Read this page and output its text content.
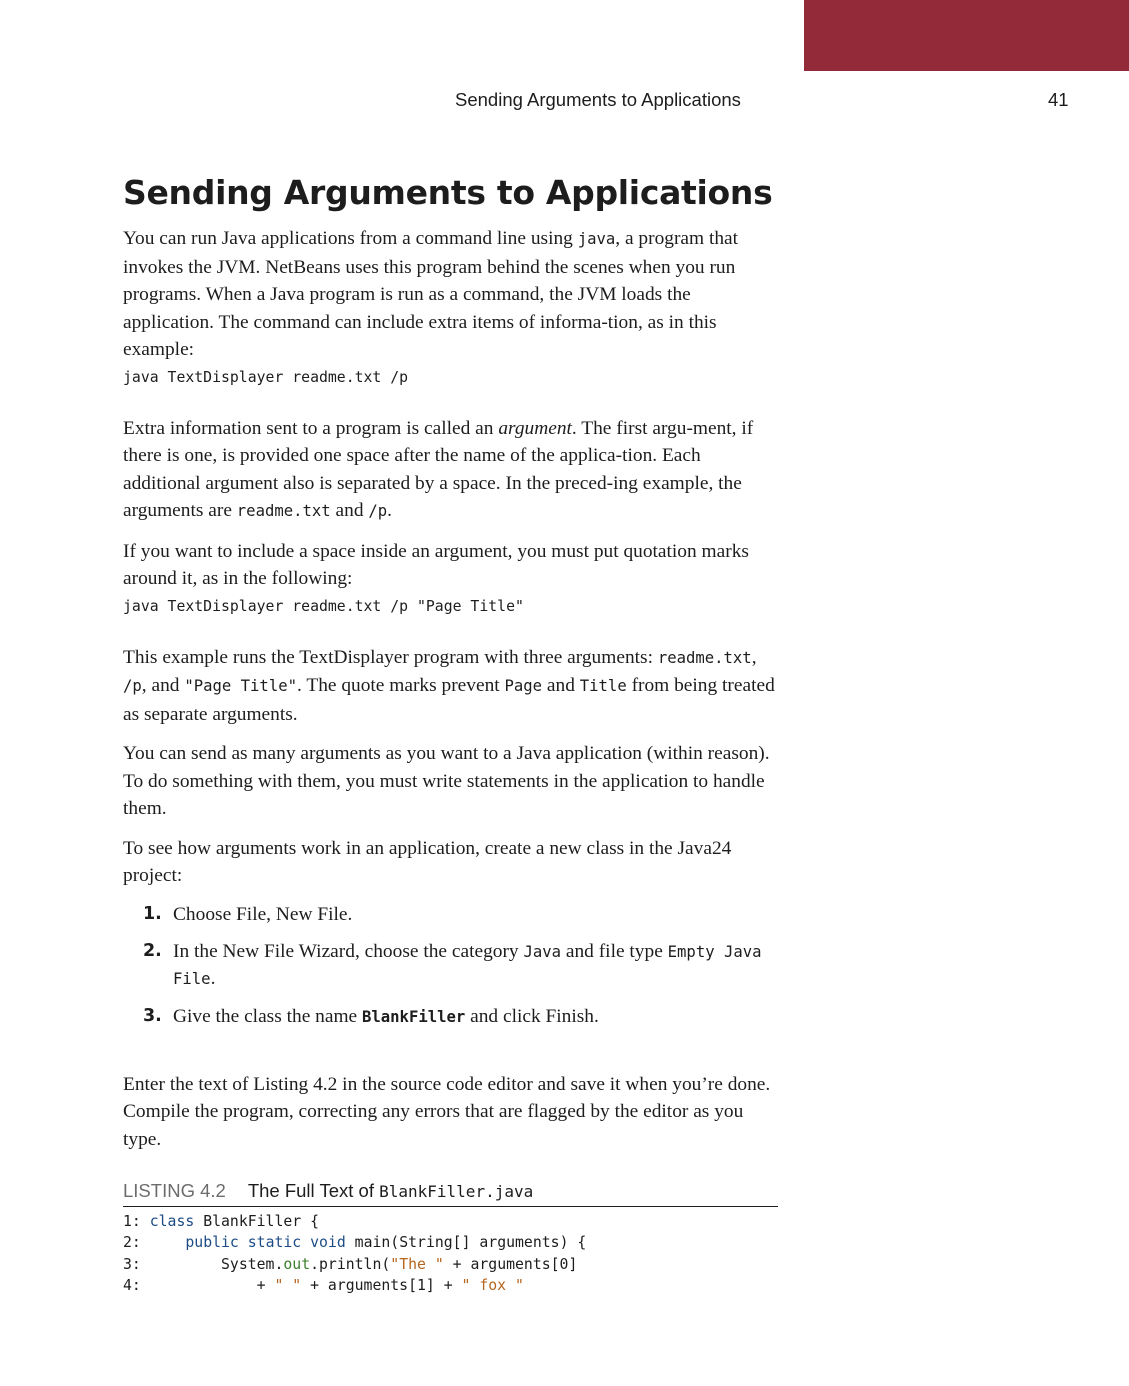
Sending Arguments to Applications	41
Sending Arguments to Applications

You can run Java applications from a command line using java, a program that invokes the JVM. NetBeans uses this program behind the scenes when you run programs. When a Java program is run as a command, the JVM loads the application. The command can include extra items of informa-tion, as in this example:

java TextDisplayer readme.txt /p

Extra information sent to a program is called an argument. The first argu-ment, if there is one, is provided one space after the name of the applica-tion. Each additional argument also is separated by a space. In the preced-ing example, the arguments are readme.txt and /p.

If you want to include a space inside an argument, you must put quotation marks around it, as in the following:

java TextDisplayer readme.txt /p "Page Title"

This example runs the TextDisplayer program with three arguments: readme.txt, /p, and "Page Title". The quote marks prevent Page and Title from being treated as separate arguments.

You can send as many arguments as you want to a Java application (within reason). To do something with them, you must write statements in the application to handle them.

To see how arguments work in an application, create a new class in the Java24 project:

1. Choose File, New File.
2. In the New File Wizard, choose the category Java and file type Empty Java File.
3. Give the class the name BlankFiller and click Finish.

Enter the text of Listing 4.2 in the source code editor and save it when you’re done. Compile the program, correcting any errors that are flagged by the editor as you type.

LISTING 4.2 The Full Text of BlankFiller.java
1: class BlankFiller {
2:     public static void main(String[] arguments) {
3:         System.out.println("The " + arguments[0]
4:             + " " + arguments[1] + " fox "
